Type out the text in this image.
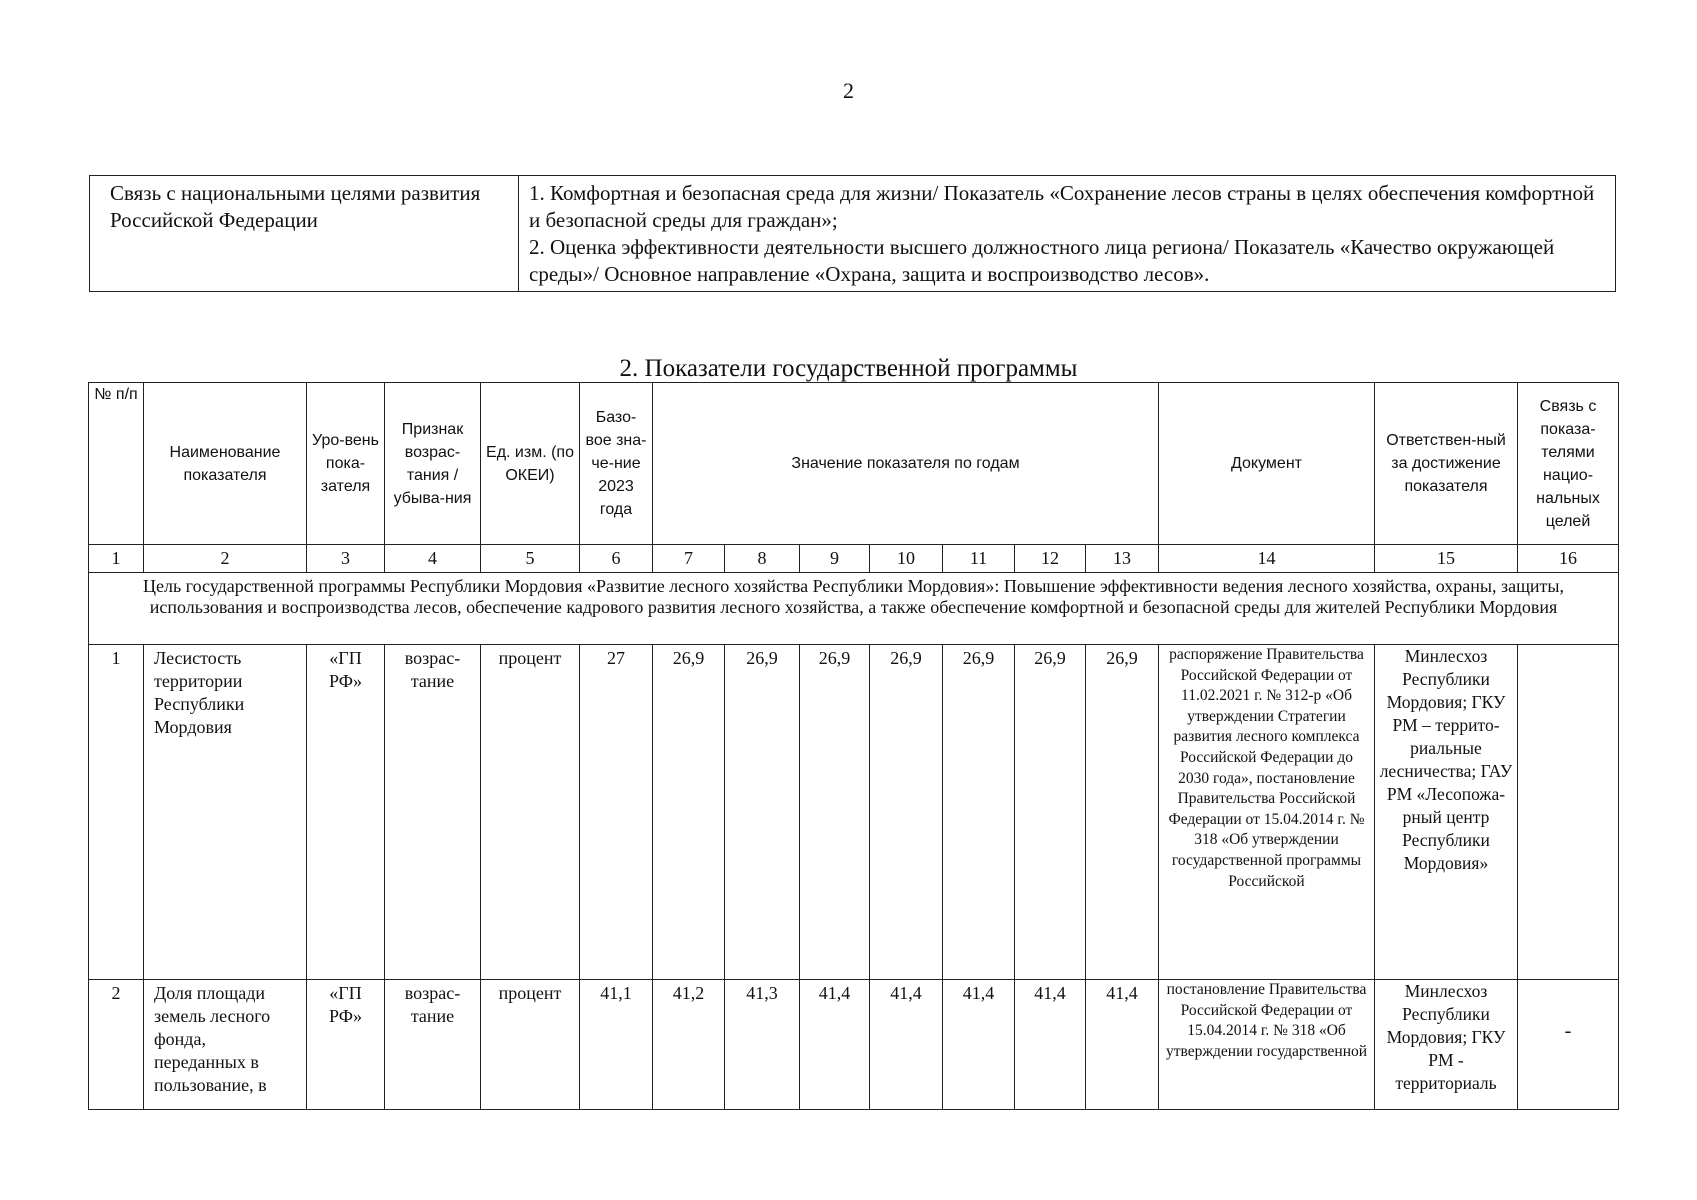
2
Связь с национальными целями развития Российской Федерации	

1. Комфортная и безопасная среда для жизни/ Показатель «Сохранение лесов страны в целях обеспечения комфортной и безопасной среды для граждан»;

2. Оценка эффективности деятельности высшего должностного лица региона/ Показатель «Качество окружающей среды»/ Основное направление «Охрана, защита и воспроизводство лесов».

2. Показатели государственной программы
№ п/п	Наименование показателя	Уро-вень пока-зателя	Признак возрас-тания /убыва-ния	Ед. изм. (по ОКЕИ)	Базо-вое зна-че-ние 2023 года	Значение показателя по годам							Документ	Ответствен-ный за достижение показателя	Связь с показа-телями нацио-нальных целей
1	2	3	4	5	6	7	8	9	10	11	12	13	14	15	16
Цель государственной программы Республики Мордовия «Развитие лесного хозяйства Республики Мордовия»: Повышение эффективности ведения лесного хозяйства, охраны, защиты, использования и воспроизводства лесов, обеспечение кадрового развития лесного хозяйства, а также обеспечение комфортной и безопасной среды для жителей Республики Мордовия															
1	Лесистость территории Республики Мордовия	«ГП РФ»	возрас-тание	процент	27	26,9	26,9	26,9	26,9	26,9	26,9	26,9	распоряжение Правительства Российской Федерации от 11.02.2021 г. № 312-р «Об утверждении Стратегии развития лесного комплекса Российской Федерации до 2030 года», постановление Правительства Российской Федерации от 15.04.2014 г. № 318 «Об утверждении государственной программы Российской	Минлесхоз Республики Мордовия; ГКУ РМ – террито-риальные лесничества; ГАУ РМ «Лесопожа-рный центр Республики Мордовия»	
2	Доля площади земель лесного фонда, переданных в пользование, в	«ГП РФ»	возрас-тание	процент	41,1	41,2	41,3	41,4	41,4	41,4	41,4	41,4	постановление Правительства Российской Федерации от 15.04.2014 г. № 318 «Об утверждении государственной	Минлесхоз Республики Мордовия; ГКУ РМ - территориаль	-
